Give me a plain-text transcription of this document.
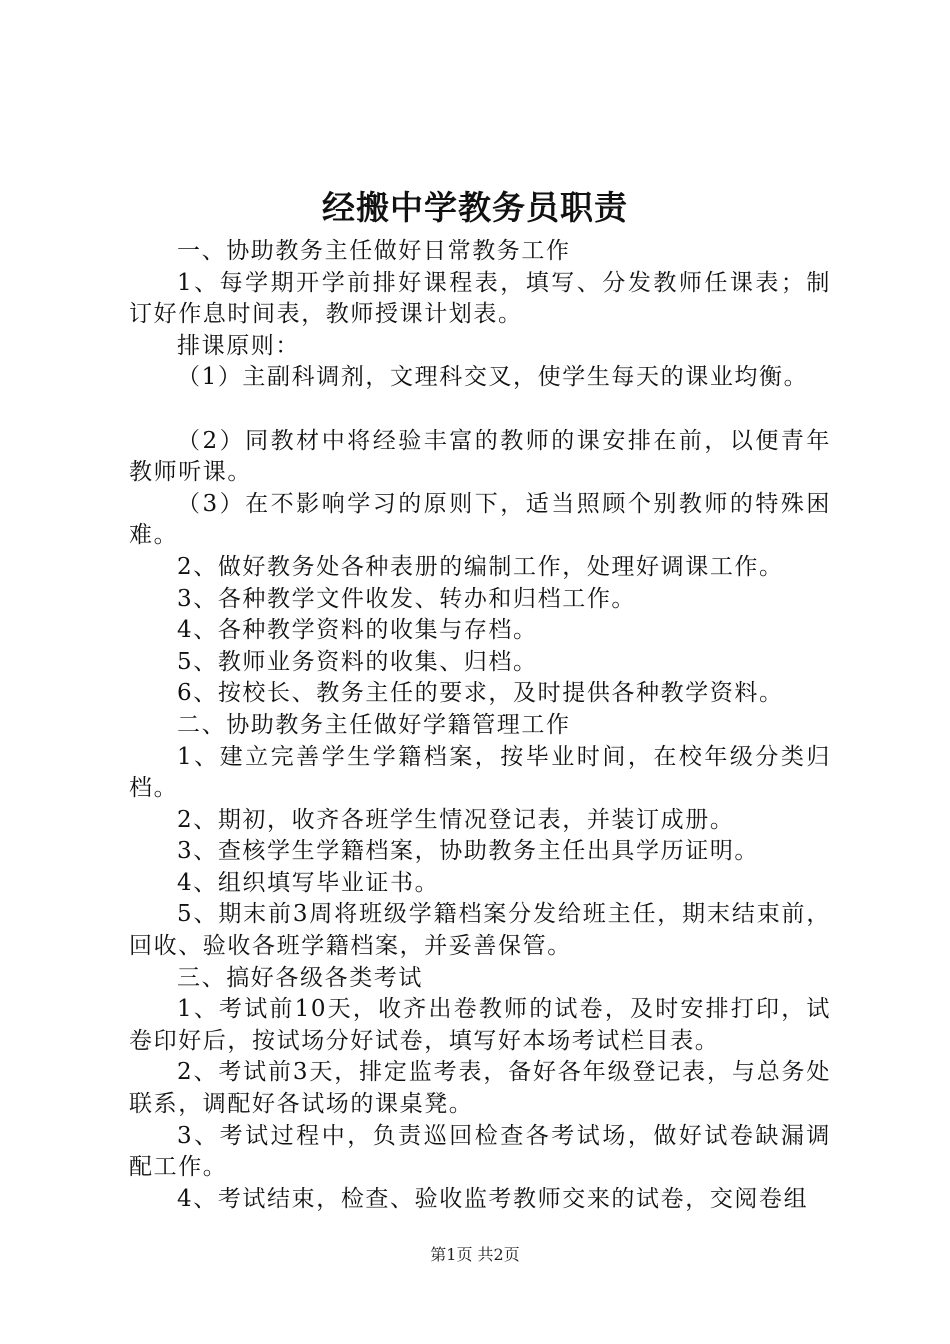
经搬中学教务员职责

一、协助教务主任做好日常教务工作

1、每学期开学前排好课程表，填写、分发教师任课表；制订好作息时间表，教师授课计划表。

排课原则：

（1）主副科调剂，文理科交叉，使学生每天的课业均衡。

（2）同教材中将经验丰富的教师的课安排在前，以便青年教师听课。

（3）在不影响学习的原则下，适当照顾个别教师的特殊困难。

2、做好教务处各种表册的编制工作，处理好调课工作。

3、各种教学文件收发、转办和归档工作。

4、各种教学资料的收集与存档。

5、教师业务资料的收集、归档。

6、按校长、教务主任的要求，及时提供各种教学资料。

二、协助教务主任做好学籍管理工作

1、建立完善学生学籍档案，按毕业时间，在校年级分类归档。

2、期初，收齐各班学生情况登记表，并装订成册。

3、查核学生学籍档案，协助教务主任出具学历证明。

4、组织填写毕业证书。

5、期末前3周将班级学籍档案分发给班主任，期末结束前，回收、验收各班学籍档案，并妥善保管。

三、搞好各级各类考试

1、考试前10天，收齐出卷教师的试卷，及时安排打印，试卷印好后，按试场分好试卷，填写好本场考试栏目表。

2、考试前3天，排定监考表，备好各年级登记表，与总务处联系，调配好各试场的课桌凳。

3、考试过程中，负责巡回检查各考试场，做好试卷缺漏调配工作。

4、考试结束，检查、验收监考教师交来的试卷，交阅卷组

第1页 共2页
